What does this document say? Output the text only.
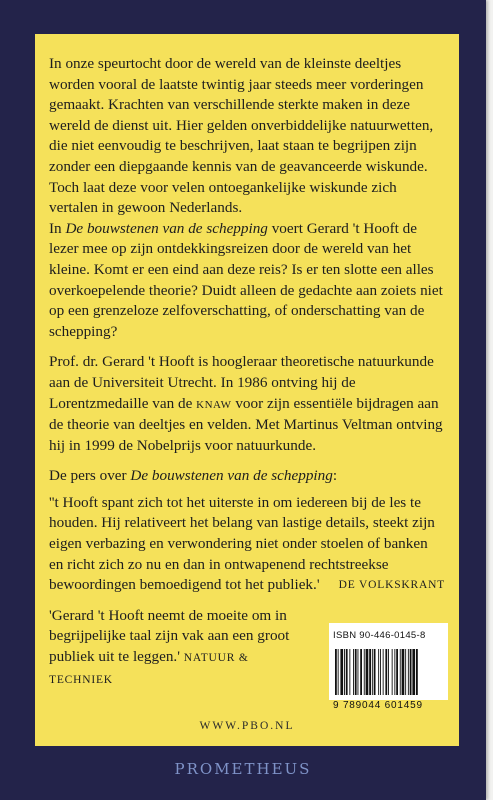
In onze speurtocht door de wereld van de kleinste deeltjes worden vooral de laatste twintig jaar steeds meer vorderingen gemaakt. Krachten van verschillende sterkte maken in deze wereld de dienst uit. Hier gelden onverbiddelijke natuurwetten, die niet eenvoudig te beschrijven, laat staan te begrijpen zijn zonder een diepgaande kennis van de geavanceerde wiskunde. Toch laat deze voor velen ontoegankelijke wiskunde zich vertalen in gewoon Nederlands.

In De bouwstenen van de schepping voert Gerard 't Hooft de lezer mee op zijn ontdekkingsreizen door de wereld van het kleine. Komt er een eind aan deze reis? Is er ten slotte een alles overkoepelende theorie? Duidt alleen de gedachte aan zoiets niet op een grenzeloze zelfoverschatting, of onderschatting van de schepping?

Prof. dr. Gerard 't Hooft is hoogleraar theoretische natuurkunde aan de Universiteit Utrecht. In 1986 ontving hij de Lorentzmedaille van de KNAW voor zijn essentiële bijdragen aan de theorie van deeltjes en velden. Met Martinus Veltman ontving hij in 1999 de Nobelprijs voor natuurkunde.

De pers over De bouwstenen van de schepping:

''t Hooft spant zich tot het uiterste in om iedereen bij de les te houden. Hij relativeert het belang van lastige details, steekt zijn eigen verbazing en verwondering niet onder stoelen of banken en richt zich zo nu en dan in ontwapenend rechtstreekse bewoordingen bemoedigend tot het publiek.' DE VOLKSKRANT

'Gerard 't Hooft neemt de moeite om in begrijpelijke taal zijn vak aan een groot publiek uit te leggen.' NATUUR & TECHNIEK

ISBN 90-446-0145-8
9 789044 601459
WWW.PBO.NL
PROMETHEUS
